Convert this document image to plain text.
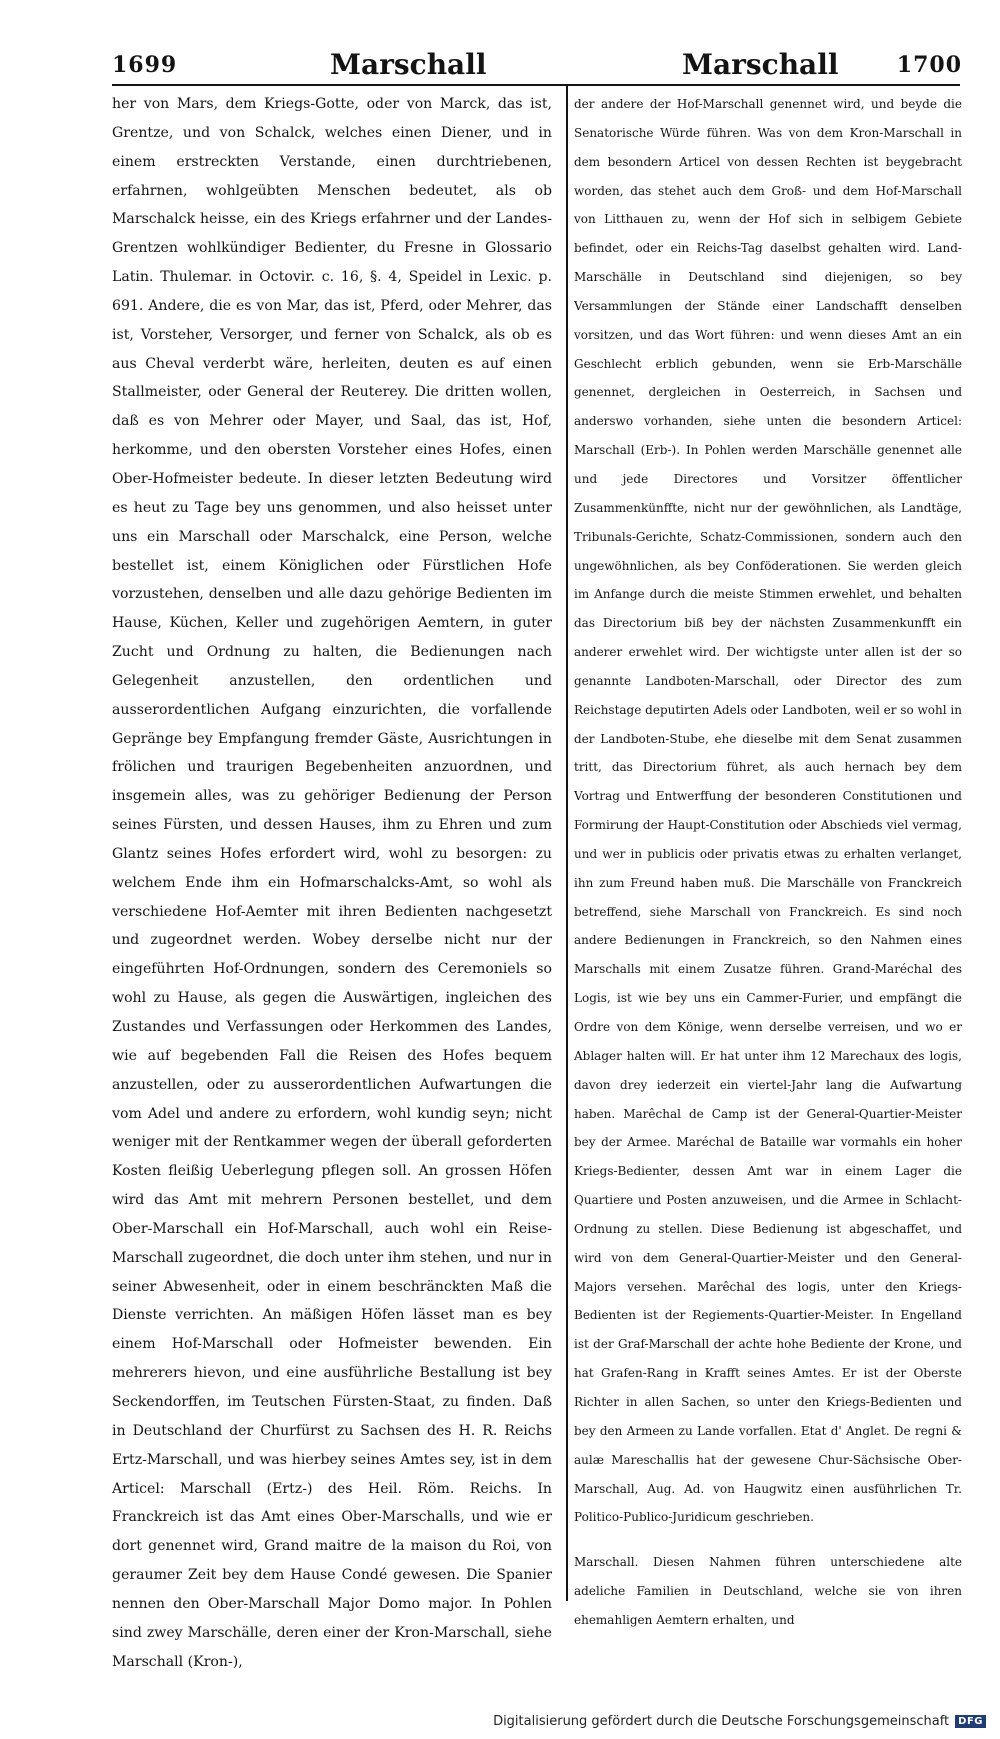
1699	Marschall	Marschall	1700

her von Mars, dem Kriegs-Gotte, oder von Marck, das ist, Grentze, und von Schalck, welches einen Diener, und in einem erstreckten Verstande, einen durchtriebenen, erfahrnen, wohlgeübten Menschen bedeutet, als ob Marschalck heisse, ein des Kriegs erfahrner und der Landes-Grentzen wohlkündiger Bedienter, du Fresne in Glossario Latin. Thulemar. in Octovir. c. 16, §. 4, Speidel in Lexic. p. 691. Andere, die es von Mar, das ist, Pferd, oder Mehrer, das ist, Vorsteher, Versorger, und ferner von Schalck, als ob es aus Cheval verderbt wäre, herleiten, deuten es auf einen Stallmeister, oder General der Reuterey. Die dritten wollen, daß es von Mehrer oder Mayer, und Saal, das ist, Hof, herkomme, und den obersten Vorsteher eines Hofes, einen Ober-Hofmeister bedeute. In dieser letzten Bedeutung wird es heut zu Tage bey uns genommen, und also heisset unter uns ein Marschall oder Marschalck, eine Person, welche bestellet ist, einem Königlichen oder Fürstlichen Hofe vorzustehen, denselben und alle dazu gehörige Bedienten im Hause, Küchen, Keller und zugehörigen Aemtern, in guter Zucht und Ordnung zu halten, die Bedienungen nach Gelegenheit anzustellen, den ordentlichen und ausserordentlichen Aufgang einzurichten, die vorfallende Gepränge bey Empfangung fremder Gäste, Ausrichtungen in frölichen und traurigen Begebenheiten anzuordnen, und insgemein alles, was zu gehöriger Bedienung der Person seines Fürsten, und dessen Hauses, ihm zu Ehren und zum Glantz seines Hofes erfordert wird, wohl zu besorgen: zu welchem Ende ihm ein Hofmarschalcks-Amt, so wohl als verschiedene Hof-Aemter mit ihren Bedienten nachgesetzt und zugeordnet werden. Wobey derselbe nicht nur der eingeführten Hof-Ordnungen, sondern des Ceremoniels so wohl zu Hause, als gegen die Auswärtigen, ingleichen des Zustandes und Verfassungen oder Herkommen des Landes, wie auf begebenden Fall die Reisen des Hofes bequem anzustellen, oder zu ausserordentlichen Aufwartungen die vom Adel und andere zu erfordern, wohl kundig seyn; nicht weniger mit der Rentkammer wegen der überall geforderten Kosten fleißig Ueberlegung pflegen soll. An grossen Höfen wird das Amt mit mehrern Personen bestellet, und dem Ober-Marschall ein Hof-Marschall, auch wohl ein Reise-Marschall zugeordnet, die doch unter ihm stehen, und nur in seiner Abwesenheit, oder in einem beschränckten Maß die Dienste verrichten. An mäßigen Höfen lässet man es bey einem Hof-Marschall oder Hofmeister bewenden. Ein mehrerers hievon, und eine ausführliche Bestallung ist bey Seckendorffen, im Teutschen Fürsten-Staat, zu finden. Daß in Deutschland der Churfürst zu Sachsen des H. R. Reichs Ertz-Marschall, und was hierbey seines Amtes sey, ist in dem Articel: Marschall (Ertz-) des Heil. Röm. Reichs. In Franckreich ist das Amt eines Ober-Marschalls, und wie er dort genennet wird, Grand maitre de la maison du Roi, von geraumer Zeit bey dem Hause Condé gewesen. Die Spanier nennen den Ober-Marschall Major Domo major. In Pohlen sind zwey Marschälle, deren einer der Kron-Marschall, siehe Marschall (Kron-),

der andere der Hof-Marschall genennet wird, und beyde die Senatorische Würde führen. Was von dem Kron-Marschall in dem besondern Articel von dessen Rechten ist beygebracht worden, das stehet auch dem Groß- und dem Hof-Marschall von Litthauen zu, wenn der Hof sich in selbigem Gebiete befindet, oder ein Reichs-Tag daselbst gehalten wird. Land-Marschälle in Deutschland sind diejenigen, so bey Versammlungen der Stände einer Landschafft denselben vorsitzen, und das Wort führen: und wenn dieses Amt an ein Geschlecht erblich gebunden, wenn sie Erb-Marschälle genennet, dergleichen in Oesterreich, in Sachsen und anderswo vorhanden, siehe unten die besondern Articel: Marschall (Erb-). In Pohlen werden Marschälle genennet alle und jede Directores und Vorsitzer öffentlicher Zusammenkünffte, nicht nur der gewöhnlichen, als Landtäge, Tribunals-Gerichte, Schatz-Commissionen, sondern auch den ungewöhnlichen, als bey Conföderationen. Sie werden gleich im Anfange durch die meiste Stimmen erwehlet, und behalten das Directorium biß bey der nächsten Zusammenkunfft ein anderer erwehlet wird. Der wichtigste unter allen ist der so genannte Landboten-Marschall, oder Director des zum Reichstage deputirten Adels oder Landboten, weil er so wohl in der Landboten-Stube, ehe dieselbe mit dem Senat zusammen tritt, das Directorium führet, als auch hernach bey dem Vortrag und Entwerffung der besonderen Constitutionen und Formirung der Haupt-Constitution oder Abschieds viel vermag, und wer in publicis oder privatis etwas zu erhalten verlanget, ihn zum Freund haben muß. Die Marschälle von Franckreich betreffend, siehe Marschall von Franckreich. Es sind noch andere Bedienungen in Franckreich, so den Nahmen eines Marschalls mit einem Zusatze führen. Grand-Maréchal des Logis, ist wie bey uns ein Cammer-Furier, und empfängt die Ordre von dem Könige, wenn derselbe verreisen, und wo er Ablager halten will. Er hat unter ihm 12 Marechaux des logis, davon drey iederzeit ein viertel-Jahr lang die Aufwartung haben. Marêchal de Camp ist der General-Quartier-Meister bey der Armee. Maréchal de Bataille war vormahls ein hoher Kriegs-Bedienter, dessen Amt war in einem Lager die Quartiere und Posten anzuweisen, und die Armee in Schlacht-Ordnung zu stellen. Diese Bedienung ist abgeschaffet, und wird von dem General-Quartier-Meister und den General-Majors versehen. Marêchal des logis, unter den Kriegs-Bedienten ist der Regiements-Quartier-Meister. In Engelland ist der Graf-Marschall der achte hohe Bediente der Krone, und hat Grafen-Rang in Krafft seines Amtes. Er ist der Oberste Richter in allen Sachen, so unter den Kriegs-Bedienten und bey den Armeen zu Lande vorfallen. Etat d' Anglet. De regni & aulæ Mareschallis hat der gewesene Chur-Sächsische Ober-Marschall, Aug. Ad. von Haugwitz einen ausführlichen Tr. Politico-Publico-Juridicum geschrieben.

Marschall. Diesen Nahmen führen unterschiedene alte adeliche Familien in Deutschland, welche sie von ihren ehemahligen Aemtern erhalten, und

Digitalisierung gefördert durch die Deutsche Forschungsgemeinschaft DFG
